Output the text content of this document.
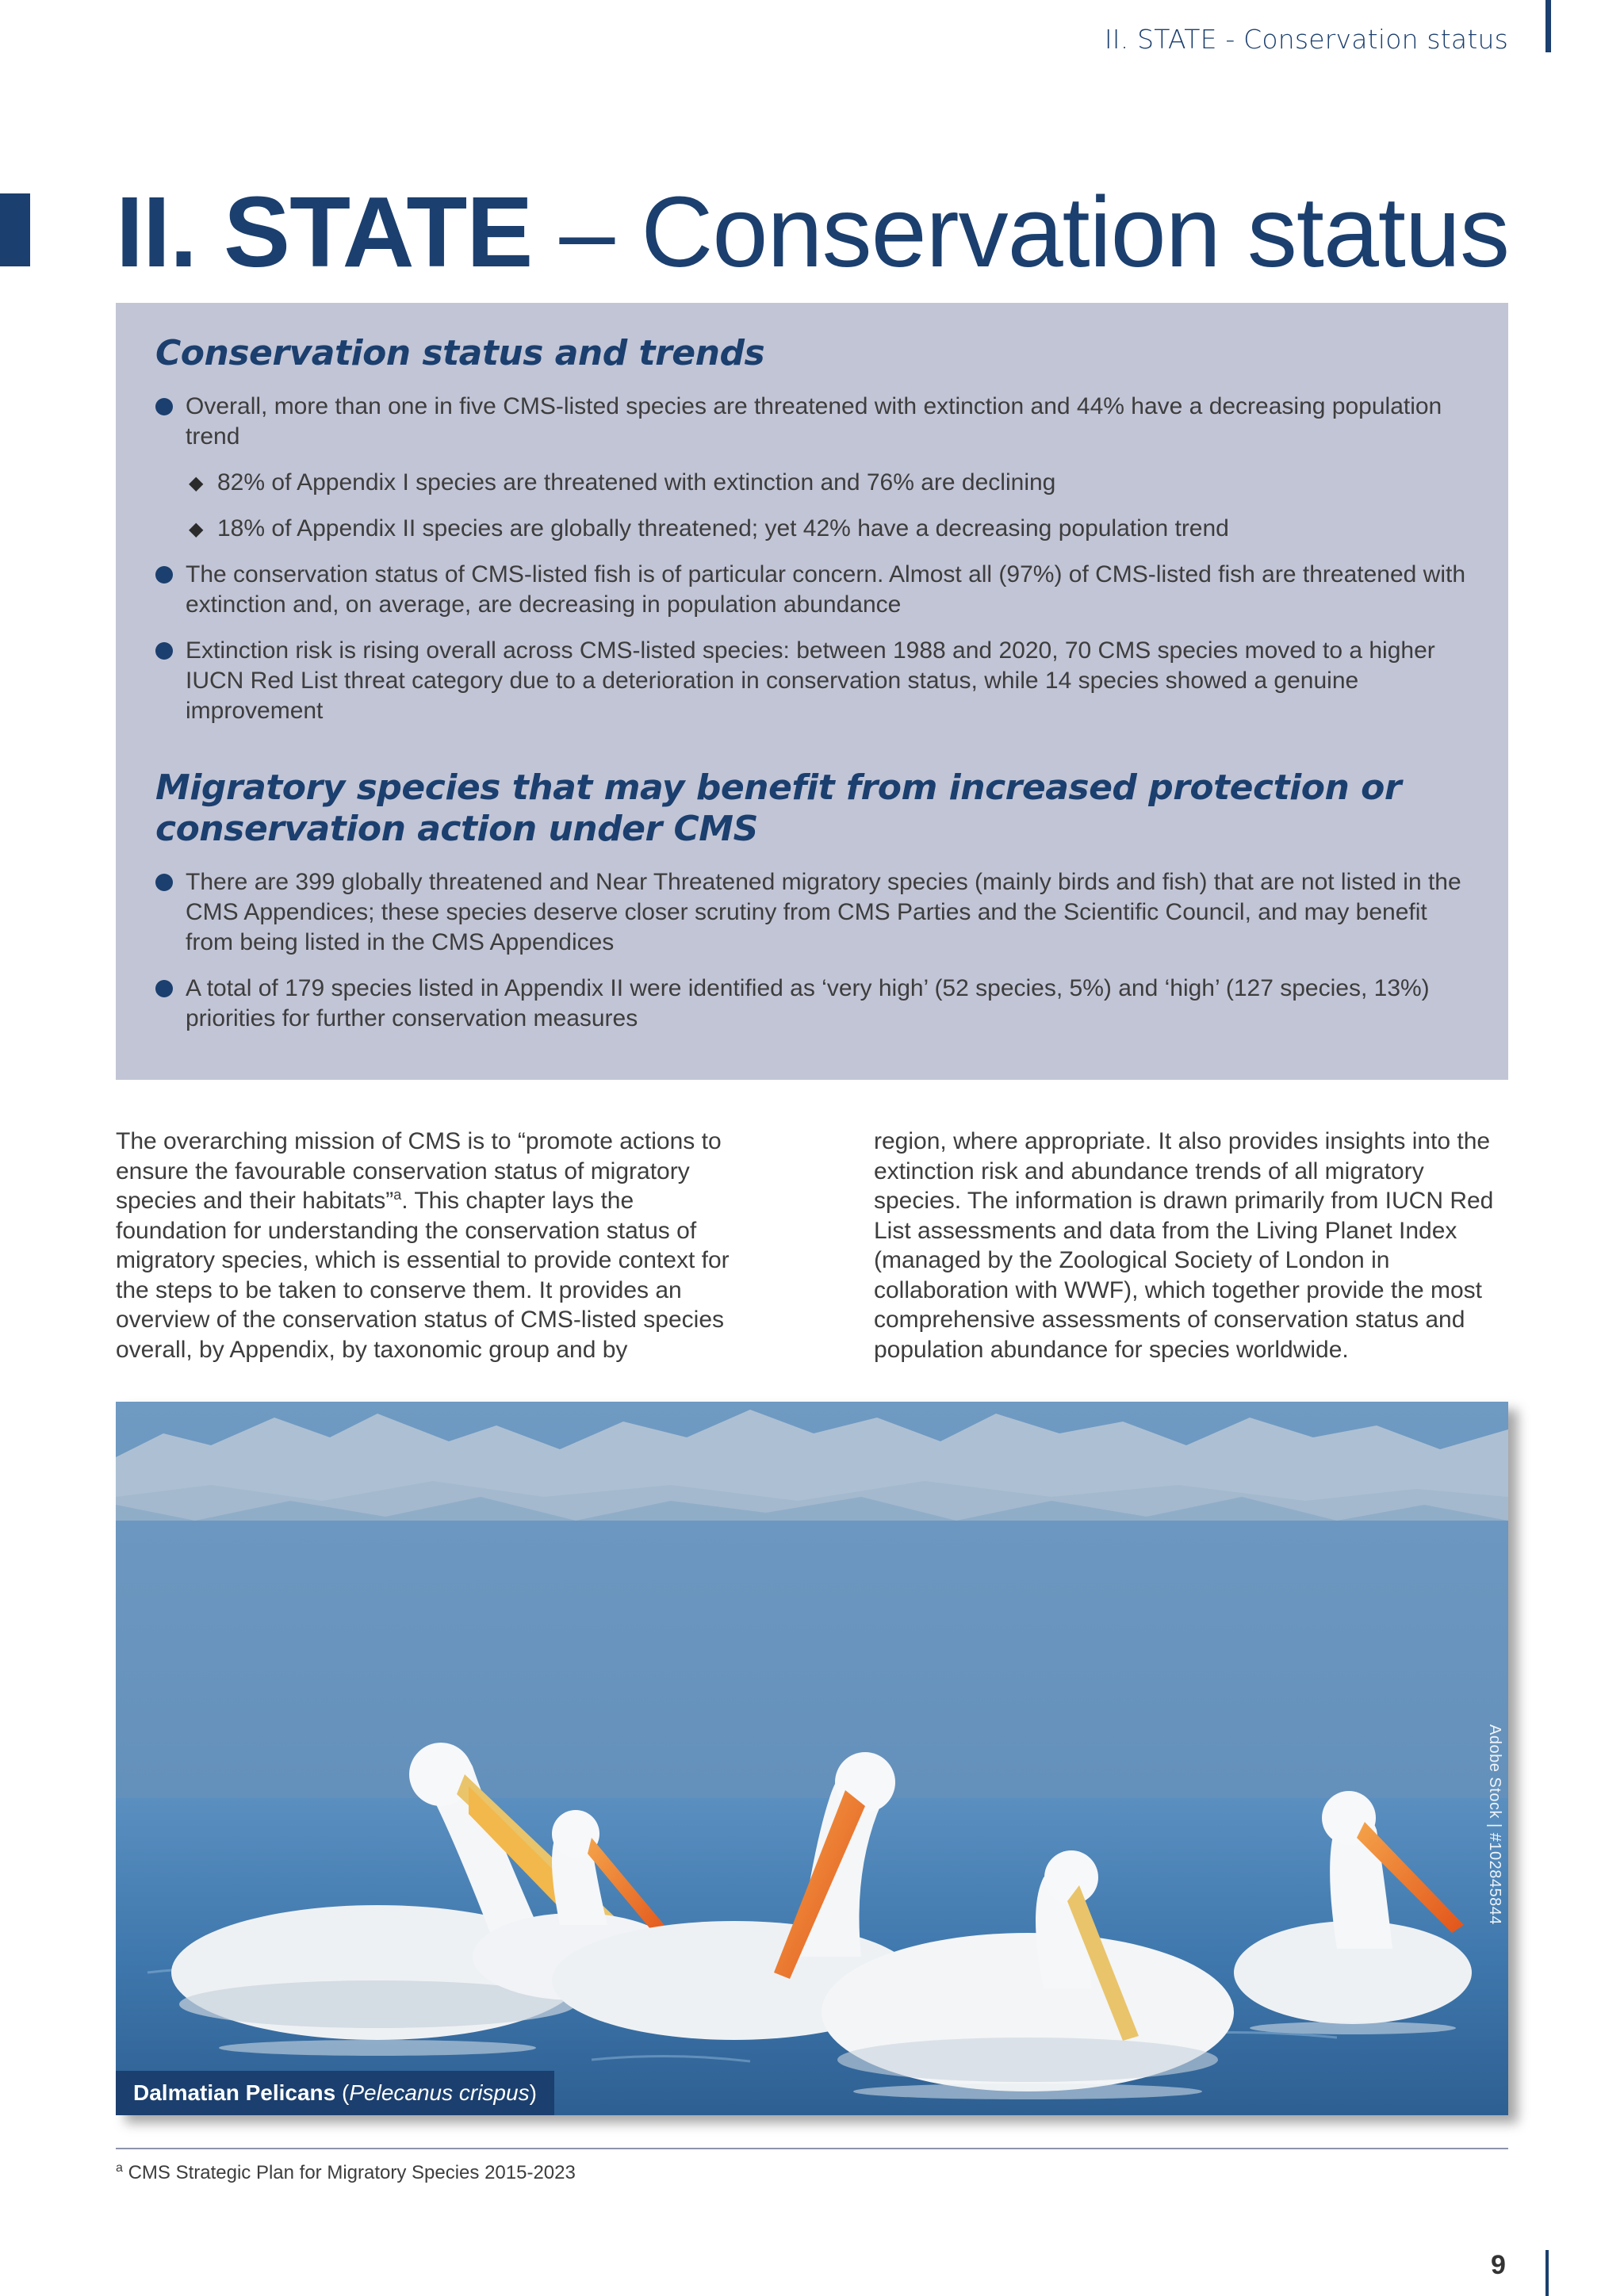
II. STATE - Conservation status
II. STATE – Conservation status
Conservation status and trends
Overall, more than one in five CMS-listed species are threatened with extinction and 44% have a decreasing population trend
◆ 82% of Appendix I species are threatened with extinction and 76% are declining
◆ 18% of Appendix II species are globally threatened; yet 42% have a decreasing population trend
The conservation status of CMS-listed fish is of particular concern. Almost all (97%) of CMS-listed fish are threatened with extinction and, on average, are decreasing in population abundance
Extinction risk is rising overall across CMS-listed species: between 1988 and 2020, 70 CMS species moved to a higher IUCN Red List threat category due to a deterioration in conservation status, while 14 species showed a genuine improvement
Migratory species that may benefit from increased protection or conservation action under CMS
There are 399 globally threatened and Near Threatened migratory species (mainly birds and fish) that are not listed in the CMS Appendices; these species deserve closer scrutiny from CMS Parties and the Scientific Council, and may benefit from being listed in the CMS Appendices
A total of 179 species listed in Appendix II were identified as ‘very high’ (52 species, 5%) and ‘high’ (127 species, 13%) priorities for further conservation measures

The overarching mission of CMS is to “promote actions to ensure the favourable conservation status of migratory species and their habitats”$^a$. This chapter lays the foundation for understanding the conservation status of migratory species, which is essential to provide context for the steps to be taken to conserve them. It provides an overview of the conservation status of CMS-listed species overall, by Appendix, by taxonomic group and by

region, where appropriate. It also provides insights into the extinction risk and abundance trends of all migratory species. The information is drawn primarily from IUCN Red List assessments and data from the Living Planet Index (managed by the Zoological Society of London in collaboration with WWF), which together provide the most comprehensive assessments of conservation status and population abundance for species worldwide.

Dalmatian Pelicans (Pelecanus crispus)
Adobe Stock | #102845844
$^a$ CMS Strategic Plan for Migratory Species 2015-2023
9
